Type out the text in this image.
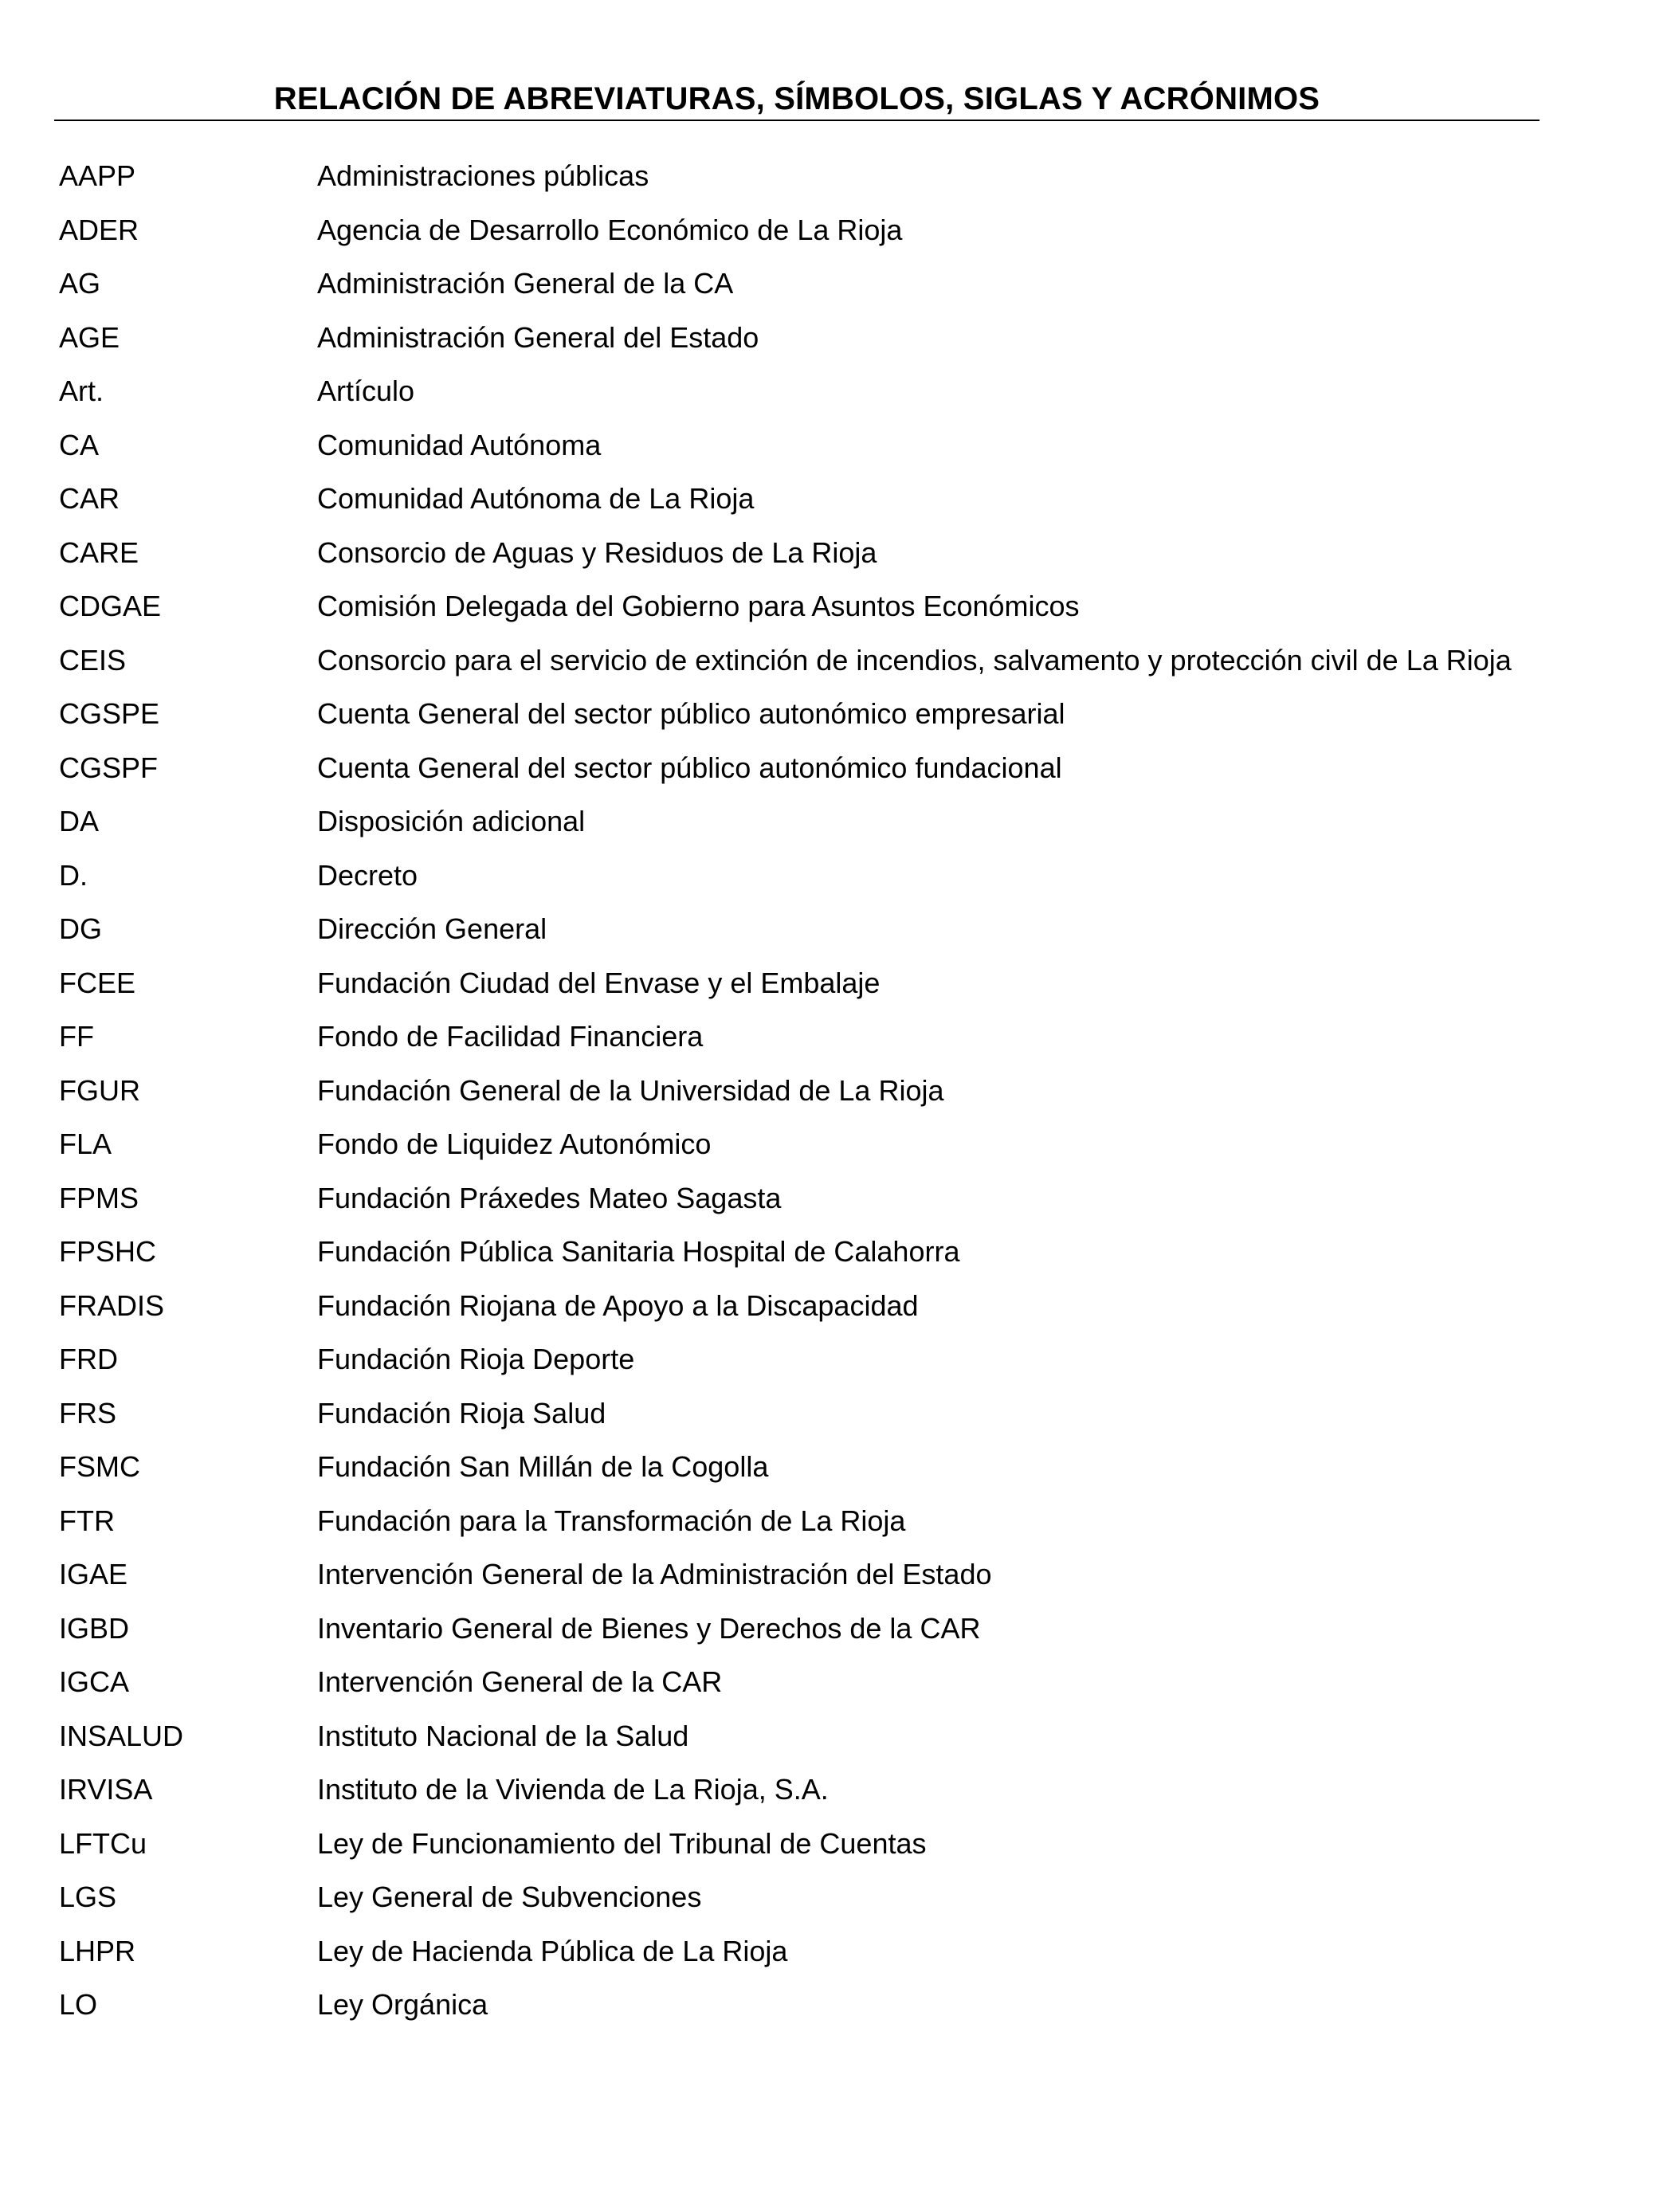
RELACIÓN DE ABREVIATURAS, SÍMBOLOS, SIGLAS Y ACRÓNIMOS
AAPP	Administraciones públicas
ADER	Agencia de Desarrollo Económico de La Rioja
AG	Administración General de la CA
AGE	Administración General del Estado
Art.	Artículo
CA	Comunidad Autónoma
CAR	Comunidad Autónoma de La Rioja
CARE	Consorcio de Aguas y Residuos de La Rioja
CDGAE	Comisión Delegada del Gobierno para Asuntos Económicos
CEIS	Consorcio para el servicio de extinción de incendios, salvamento y protección civil de La Rioja
CGSPE	Cuenta General del sector público autonómico empresarial
CGSPF	Cuenta General del sector público autonómico fundacional
DA	Disposición adicional
D.	Decreto
DG	Dirección General
FCEE	Fundación Ciudad del Envase y el Embalaje
FF	Fondo de Facilidad Financiera
FGUR	Fundación General de la Universidad de La Rioja
FLA	Fondo de Liquidez Autonómico
FPMS	Fundación Práxedes Mateo Sagasta
FPSHC	Fundación Pública Sanitaria Hospital de Calahorra
FRADIS	Fundación Riojana de Apoyo a la Discapacidad
FRD	Fundación Rioja Deporte
FRS	Fundación Rioja Salud
FSMC	Fundación San Millán de la Cogolla
FTR	Fundación para la Transformación de La Rioja
IGAE	Intervención General de la Administración del Estado
IGBD	Inventario General de Bienes y Derechos de la CAR
IGCA	Intervención General de la CAR
INSALUD	Instituto Nacional de la Salud
IRVISA	Instituto de la Vivienda de La Rioja, S.A.
LFTCu	Ley de Funcionamiento del Tribunal de Cuentas
LGS	Ley General de Subvenciones
LHPR	Ley de Hacienda Pública de La Rioja
LO	Ley Orgánica
